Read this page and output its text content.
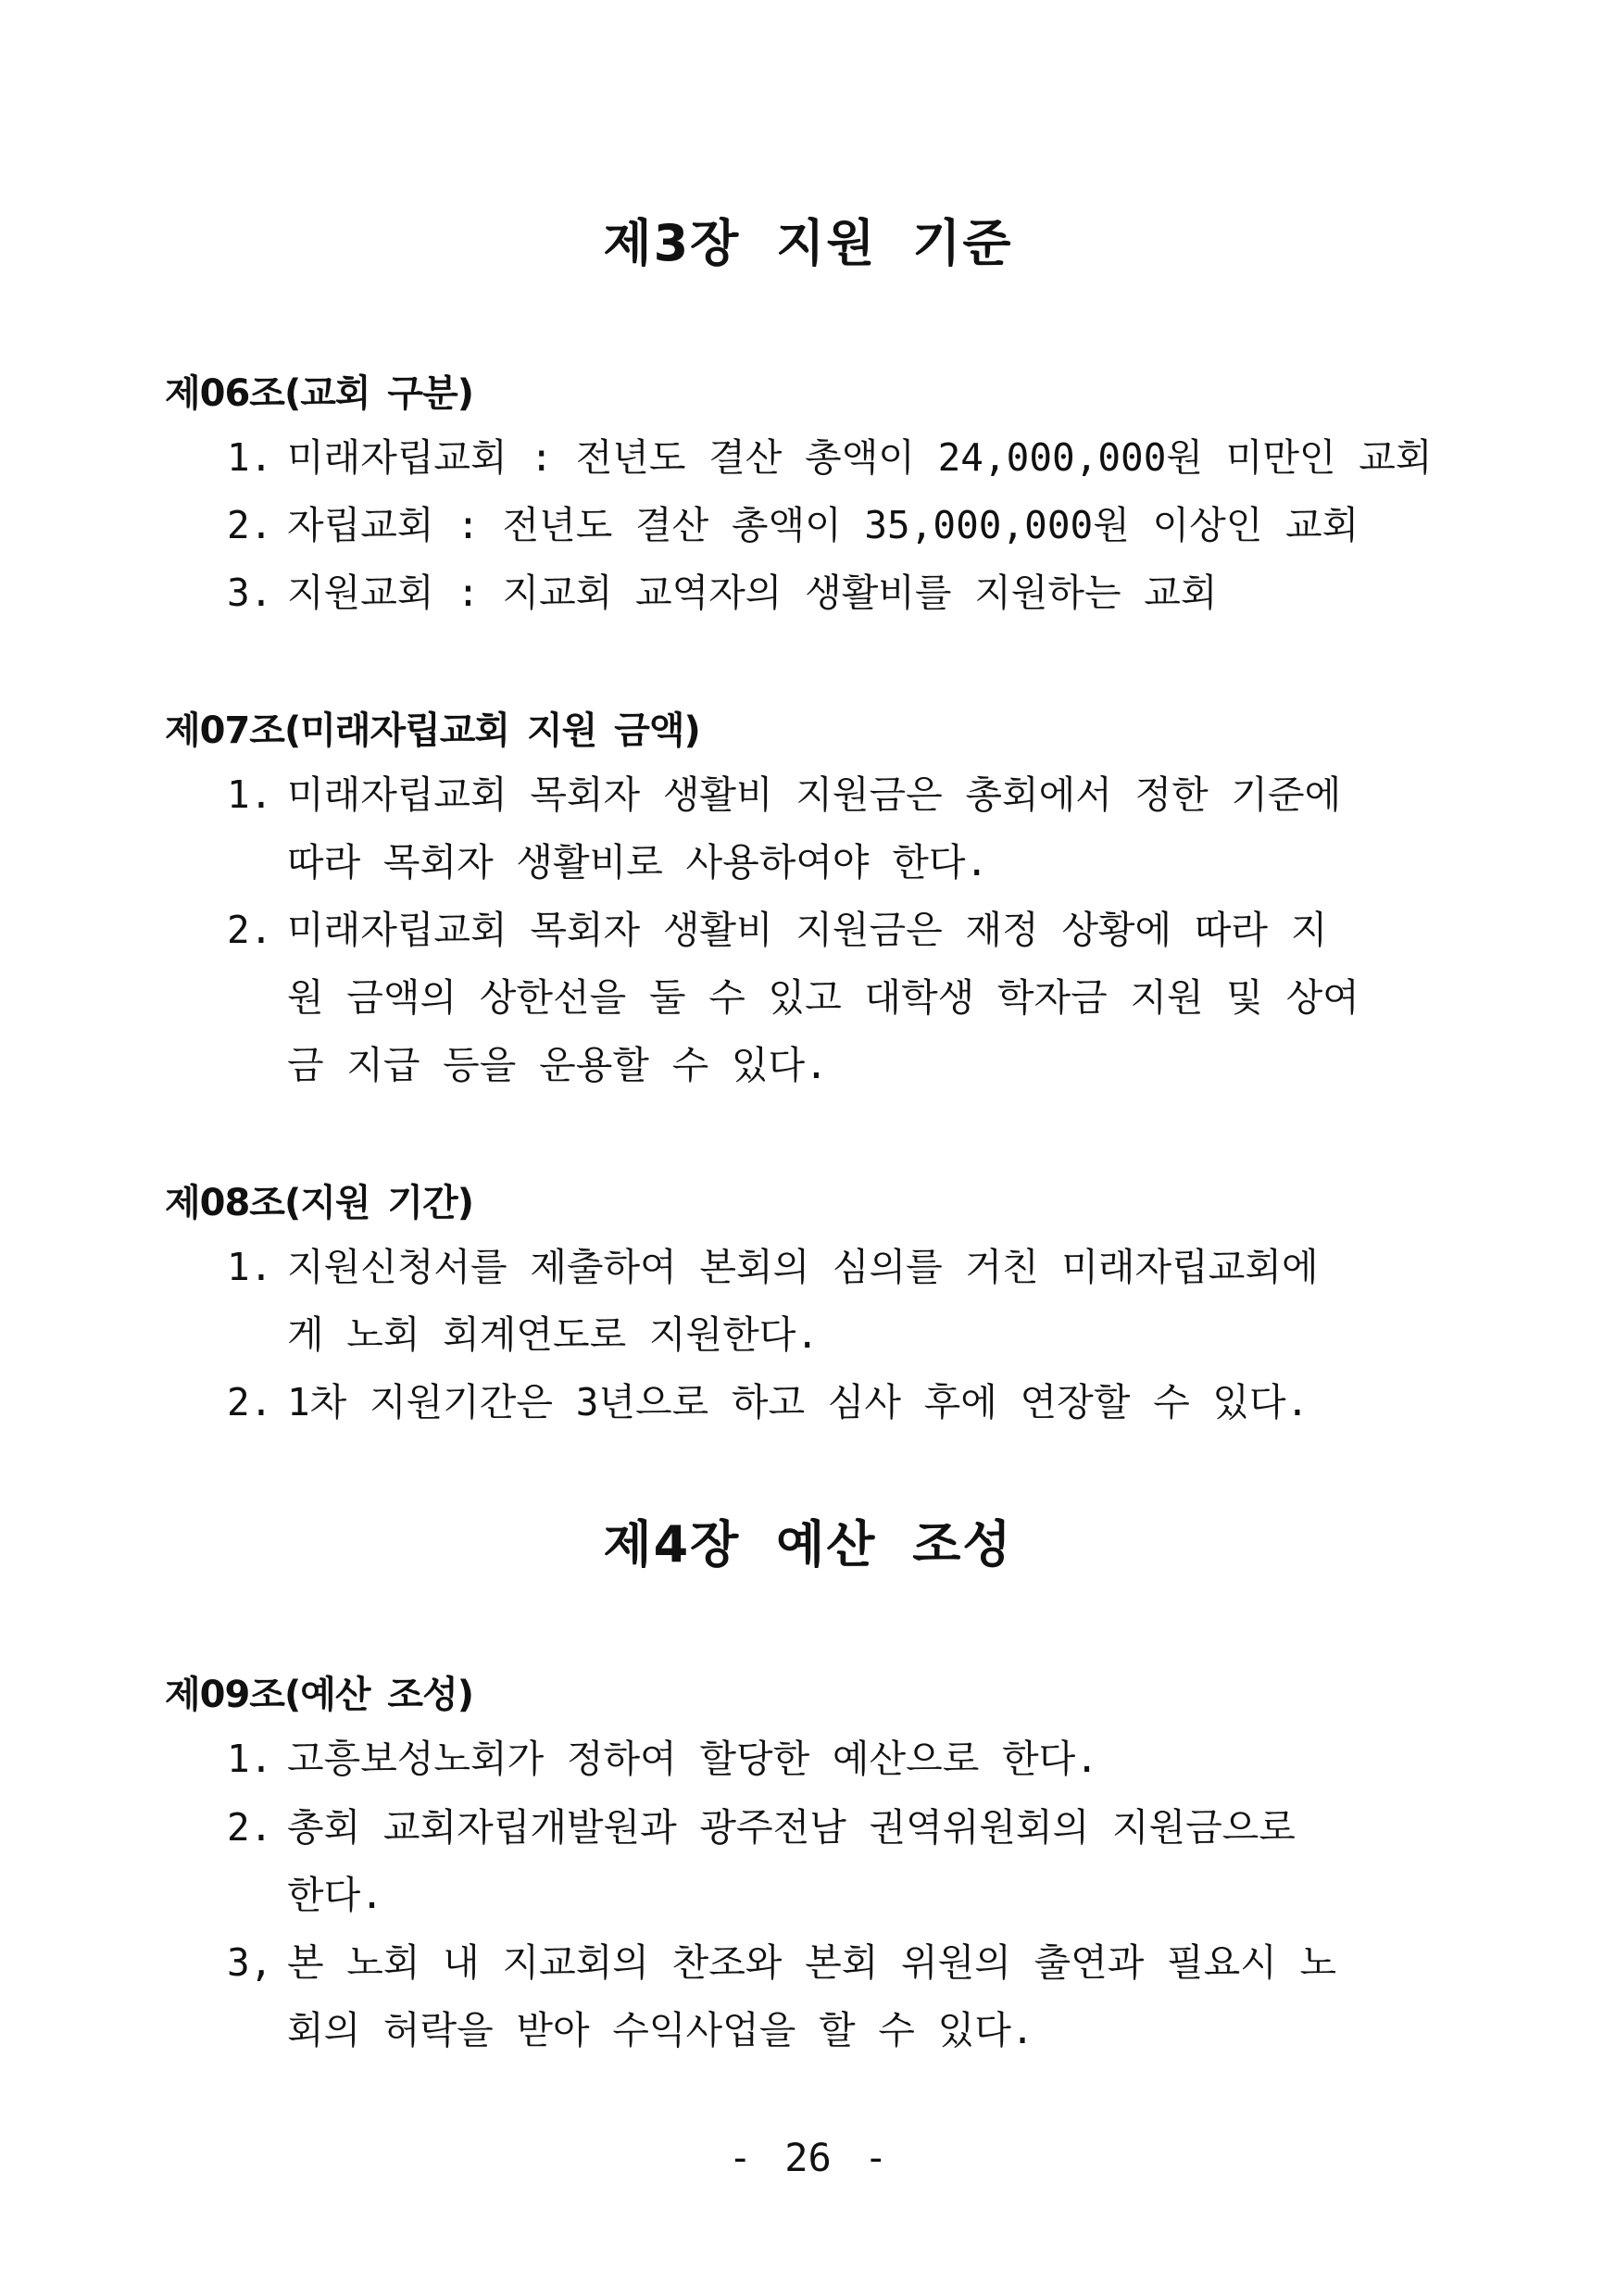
제3장 지원 기준
제06조(교회 구분)
1. 미래자립교회 : 전년도 결산 총액이 24,000,000원 미만인 교회
2. 자립교회 : 전년도 결산 총액이 35,000,000원 이상인 교회
3. 지원교회 : 지교회 교역자의 생활비를 지원하는 교회
제07조(미래자립교회 지원 금액)
1. 미래자립교회 목회자 생활비 지원금은 총회에서 정한 기준에
따라 목회자 생활비로 사용하여야 한다.
2. 미래자립교회 목회자 생활비 지원금은 재정 상황에 따라 지
원 금액의 상한선을 둘 수 있고 대학생 학자금 지원 및 상여
금 지급 등을 운용할 수 있다.
제08조(지원 기간)
1. 지원신청서를 제출하여 본회의 심의를 거친 미래자립교회에
게 노회 회계연도로 지원한다.
2. 1차 지원기간은 3년으로 하고 심사 후에 연장할 수 있다.
제4장 예산 조성
제09조(예산 조성)
1. 고흥보성노회가 정하여 할당한 예산으로 한다.
2. 총회 교회자립개발원과 광주전남 권역위원회의 지원금으로
한다.
3, 본 노회 내 지교회의 찬조와 본회 위원의 출연과 필요시 노
회의 허락을 받아 수익사업을 할 수 있다.
- 26 -
